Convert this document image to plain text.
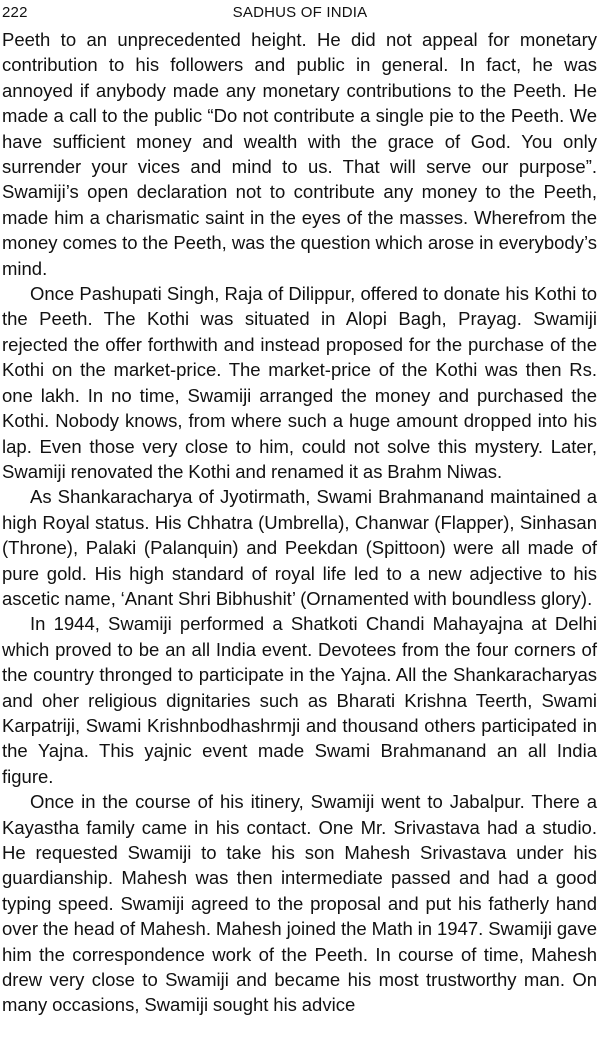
222	SADHUS OF INDIA

Peeth to an unprecedented height. He did not appeal for monetary contribution to his followers and public in general. In fact, he was annoyed if anybody made any monetary contributions to the Peeth. He made a call to the public “Do not contribute a single pie to the Peeth. We have sufficient money and wealth with the grace of God. You only surrender your vices and mind to us. That will serve our purpose”. Swamiji’s open declaration not to contribute any money to the Peeth, made him a charismatic saint in the eyes of the masses. Wherefrom the money comes to the Peeth, was the question which arose in everybody’s mind.

Once Pashupati Singh, Raja of Dilippur, offered to donate his Kothi to the Peeth. The Kothi was situated in Alopi Bagh, Prayag. Swamiji rejected the offer forthwith and instead proposed for the purchase of the Kothi on the market-price. The market-price of the Kothi was then Rs. one lakh. In no time, Swamiji arranged the money and purchased the Kothi. Nobody knows, from where such a huge amount dropped into his lap. Even those very close to him, could not solve this mystery. Later, Swamiji renovated the Kothi and renamed it as Brahm Niwas.

As Shankaracharya of Jyotirmath, Swami Brahmanand maintained a high Royal status. His Chhatra (Umbrella), Chanwar (Flapper), Sinhasan (Throne), Palaki (Palanquin) and Peekdan (Spittoon) were all made of pure gold. His high standard of royal life led to a new adjective to his ascetic name, ‘Anant Shri Bibhushit’ (Ornamented with boundless glory).

In 1944, Swamiji performed a Shatkoti Chandi Mahayajna at Delhi which proved to be an all India event. Devotees from the four corners of the country thronged to participate in the Yajna. All the Shankaracharyas and oher religious dignitaries such as Bharati Krishna Teerth, Swami Karpatriji, Swami Krishnbodhashrmji and thousand others participated in the Yajna. This yajnic event made Swami Brahmanand an all India figure.

Once in the course of his itinery, Swamiji went to Jabalpur. There a Kayastha family came in his contact. One Mr. Srivastava had a studio. He requested Swamiji to take his son Mahesh Srivastava under his guardianship. Mahesh was then intermediate passed and had a good typing speed. Swamiji agreed to the proposal and put his fatherly hand over the head of Mahesh. Mahesh joined the Math in 1947. Swamiji gave him the correspondence work of the Peeth. In course of time, Mahesh drew very close to Swamiji and became his most trustworthy man. On many occasions, Swamiji sought his advice
